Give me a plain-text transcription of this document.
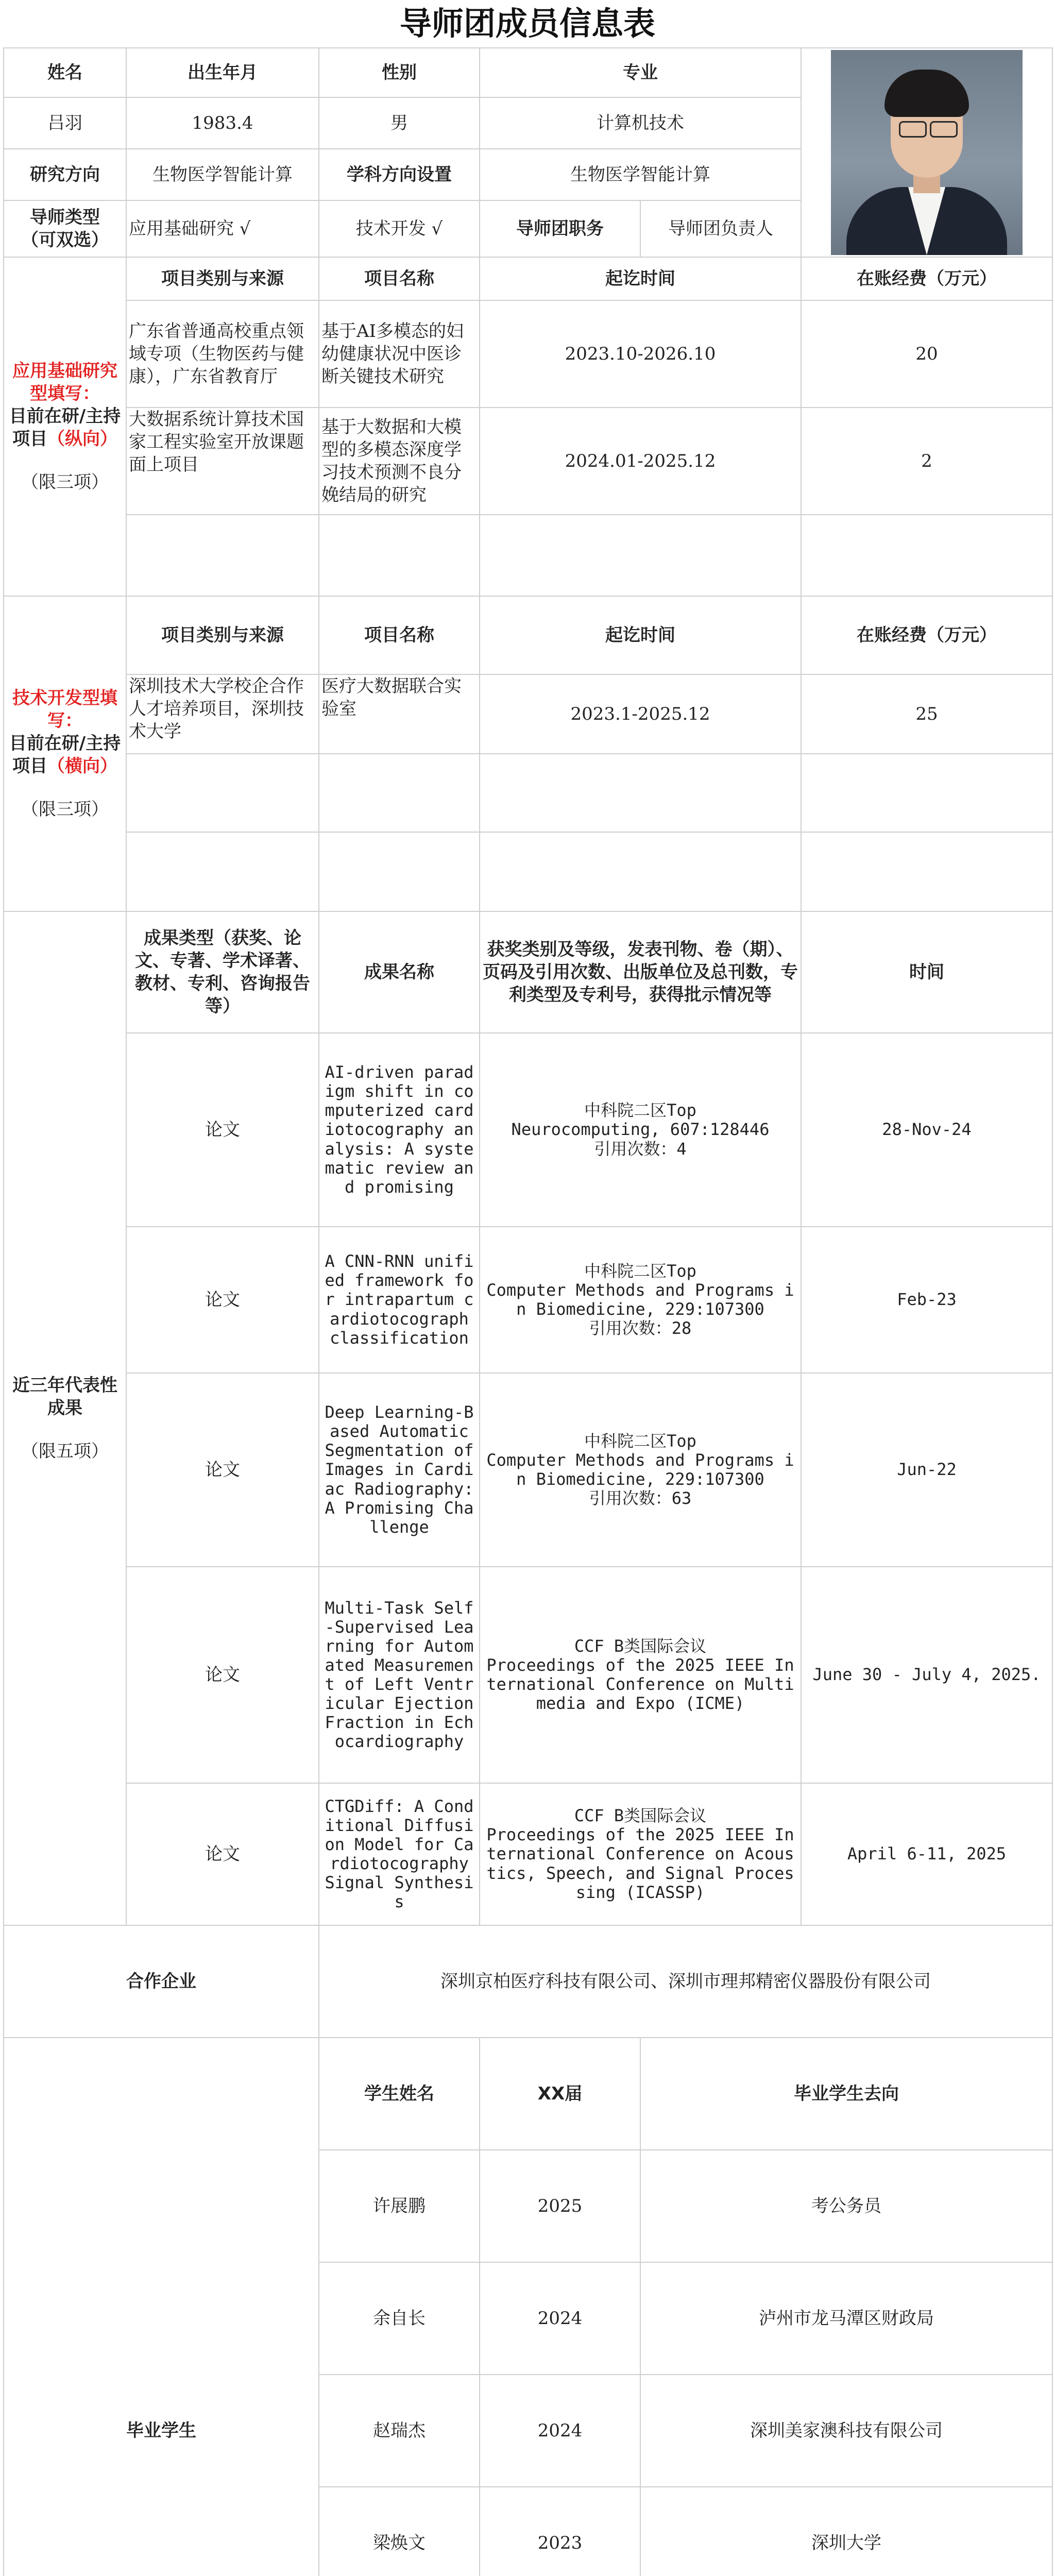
导师团成员信息表
姓名	出生年月	性别	专业		

吕羽	1983.4	男	计算机技术		
研究方向	生物医学智能计算	学科方向设置	生物医学智能计算		
导师类型
（可双选）	应用基础研究 √	技术开发 √	导师团职务	导师团负责人	
应用基础研究型填写：
目前在研/主持项目（纵向）
（限三项）	项目类别与来源	项目名称	起讫时间		在账经费（万元）
	广东省普通高校重点领域专项（生物医药与健康），广东省教育厅	基于AI多模态的妇幼健康状况中医诊断关键技术研究	2023.10-2026.10		20
	大数据系统计算技术国家工程实验室开放课题面上项目	基于大数据和大模型的多模态深度学习技术预测不良分娩结局的研究	2024.01-2025.12		2

技术开发型填写：
目前在研/主持项目（横向）
（限三项）	项目类别与来源	项目名称	起讫时间		在账经费（万元）
	深圳技术大学校企合作人才培养项目，深圳技术大学	医疗大数据联合实验室	2023.1-2025.12		25

近三年代表性成果
（限五项）	成果类型（获奖、论文、专著、学术译著、教材、专利、咨询报告等）	成果名称	获奖类别及等级，发表刊物、卷（期）、页码及引用次数、出版单位及总刊数，专利类型及专利号，获得批示情况等		时间
	论文	AI-driven paradigm shift in computerized cardiotocography analysis: A systematic review and promising	中科院二区Top
Neurocomputing, 607:128446
引用次数：4		28-Nov-24
	论文	A CNN-RNN unified framework for intrapartum cardiotocograph classification	中科院二区Top
Computer Methods and Programs in Biomedicine, 229:107300
引用次数：28		Feb-23
	论文	Deep Learning-Based Automatic Segmentation of Images in Cardiac Radiography: A Promising Challenge	中科院二区Top
Computer Methods and Programs in Biomedicine, 229:107300
引用次数：63		Jun-22
	论文	Multi-Task Self-Supervised Learning for Automated Measurement of Left Ventricular Ejection Fraction in Echocardiography	CCF B类国际会议
Proceedings of the 2025 IEEE International Conference on Multimedia and Expo (ICME)		June 30 - July 4, 2025.
	论文	CTGDiff: A Conditional Diffusion Model for Cardiotocography Signal Synthesis	CCF B类国际会议
Proceedings of the 2025 IEEE International Conference on Acoustics, Speech, and Signal Processing (ICASSP)		April 6-11, 2025
合作企业		深圳京柏医疗科技有限公司、深圳市理邦精密仪器股份有限公司			
毕业学生		学生姓名	XX届	毕业学生去向	
		许展鹏	2025	考公务员	
		余自长	2024	泸州市龙马潭区财政局	
		赵瑞杰	2024	深圳美家澳科技有限公司	
		梁焕文	2023	深圳大学	
